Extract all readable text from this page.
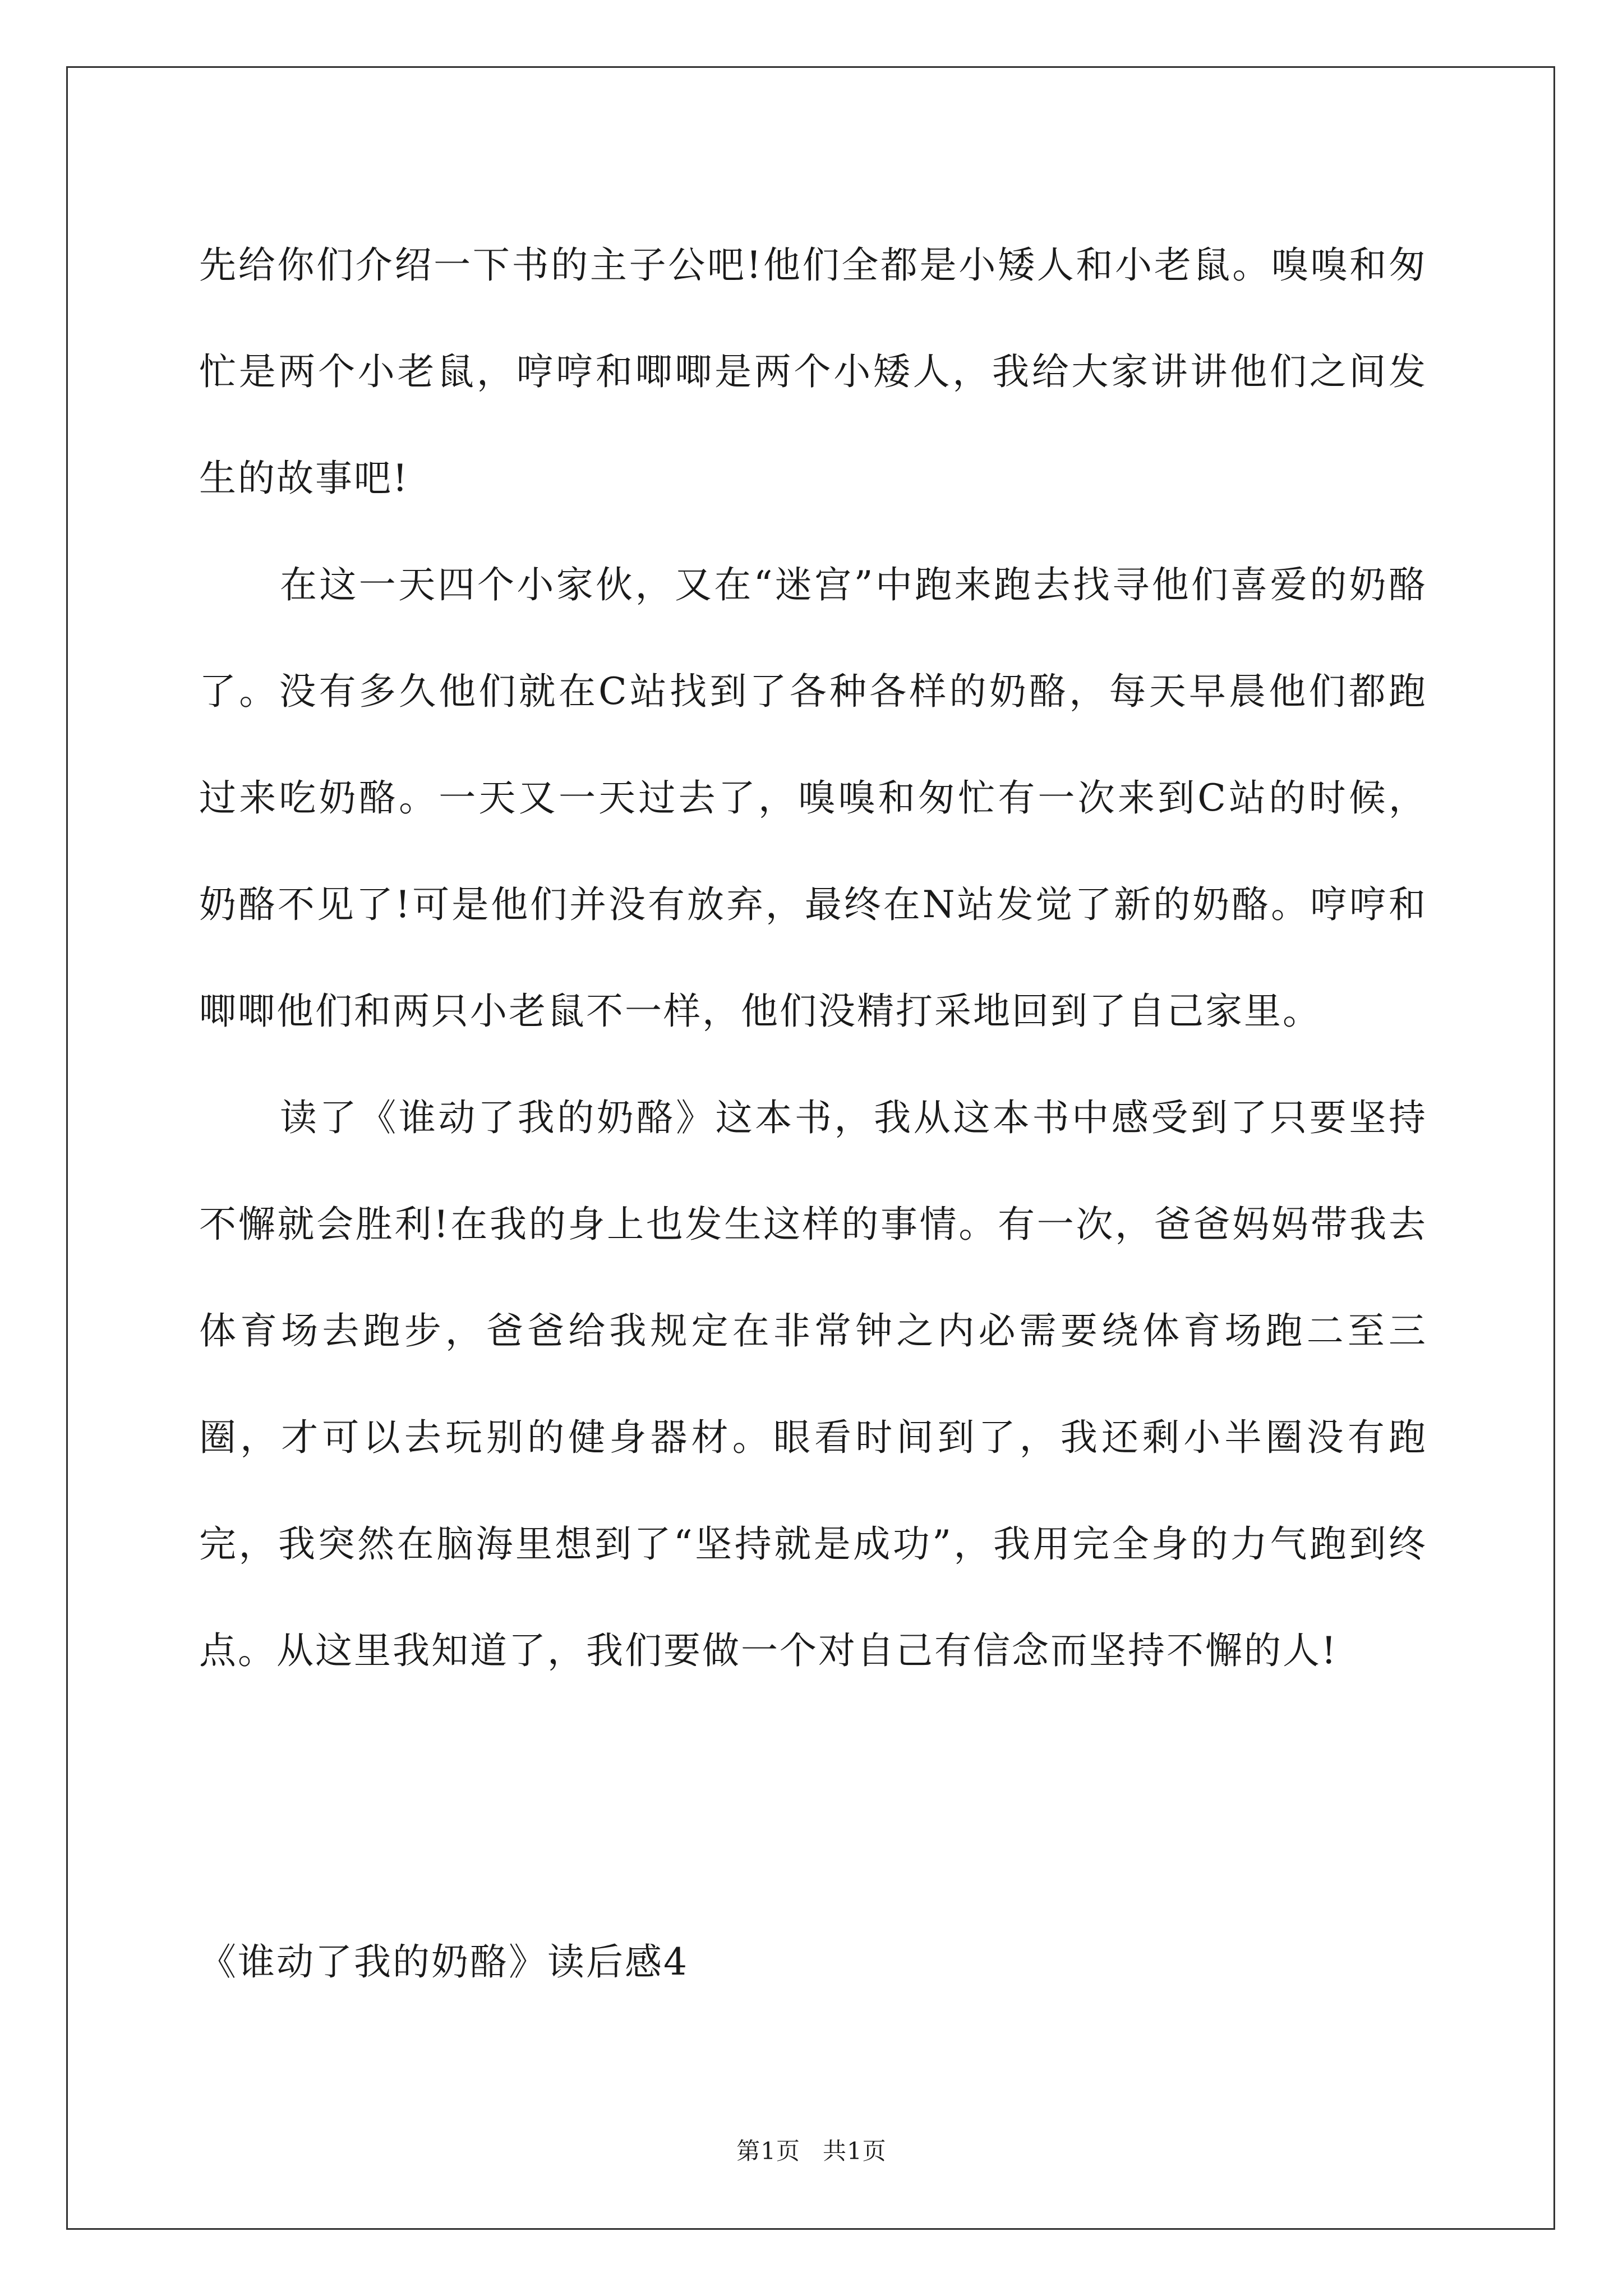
先给你们介绍一下书的主子公吧!他们全都是小矮人和小老鼠。嗅嗅和匆忙是两个小老鼠，哼哼和唧唧是两个小矮人，我给大家讲讲他们之间发生的故事吧!

在这一天四个小家伙，又在“迷宫”中跑来跑去找寻他们喜爱的奶酪了。没有多久他们就在C站找到了各种各样的奶酪，每天早晨他们都跑过来吃奶酪。一天又一天过去了，嗅嗅和匆忙有一次来到C站的时候，奶酪不见了!可是他们并没有放弃，最终在N站发觉了新的奶酪。哼哼和唧唧他们和两只小老鼠不一样，他们没精打采地回到了自己家里。

读了《谁动了我的奶酪》这本书，我从这本书中感受到了只要坚持不懈就会胜利!在我的身上也发生这样的事情。有一次，爸爸妈妈带我去体育场去跑步，爸爸给我规定在非常钟之内必需要绕体育场跑二至三圈，才可以去玩别的健身器材。眼看时间到了，我还剩小半圈没有跑完，我突然在脑海里想到了“坚持就是成功”，我用完全身的力气跑到终点。从这里我知道了，我们要做一个对自己有信念而坚持不懈的人!

《谁动了我的奶酪》读后感4
第1页 共1页
